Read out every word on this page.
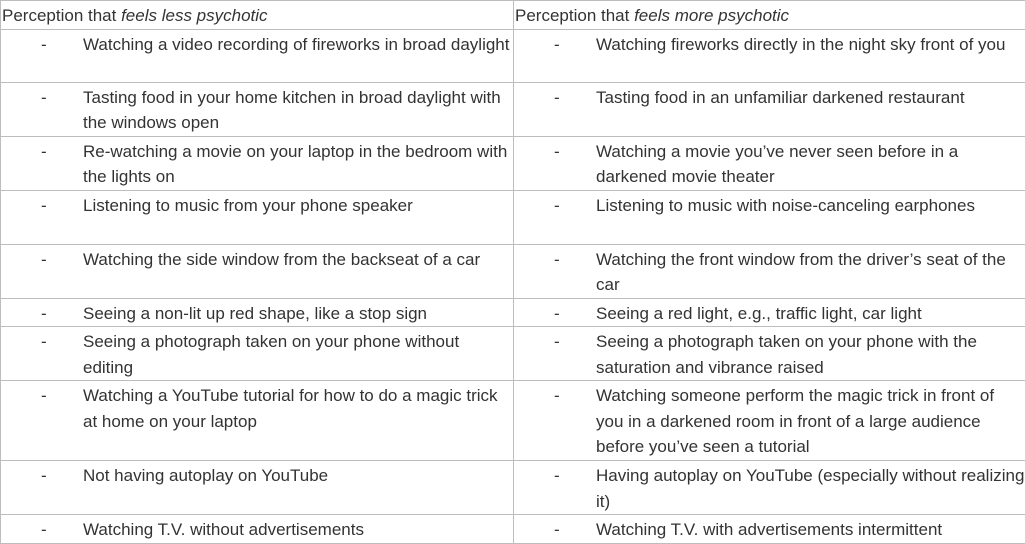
Perception that feels less psychotic	Perception that feels more psychotic

- Watching a video recording of fireworks in broad daylight	- Watching fireworks directly in the night sky front of you

- Tasting food in your home kitchen in broad daylight with the windows open	- Tasting food in an unfamiliar darkened restaurant

- Re-watching a movie on your laptop in the bedroom with the lights on	- Watching a movie you’ve never seen before in a darkened movie theater

- Listening to music from your phone speaker	- Listening to music with noise-canceling earphones

- Watching the side window from the backseat of a car	- Watching the front window from the driver’s seat of the car

- Seeing a non-lit up red shape, like a stop sign	- Seeing a red light, e.g., traffic light, car light

- Seeing a photograph taken on your phone without editing	- Seeing a photograph taken on your phone with the saturation and vibrance raised

- Watching a YouTube tutorial for how to do a magic trick at home on your laptop	- Watching someone perform the magic trick in front of you in a darkened room in front of a large audience before you’ve seen a tutorial

- Not having autoplay on YouTube	- Having autoplay on YouTube (especially without realizing it)

- Watching T.V. without advertisements	- Watching T.V. with advertisements intermittent
